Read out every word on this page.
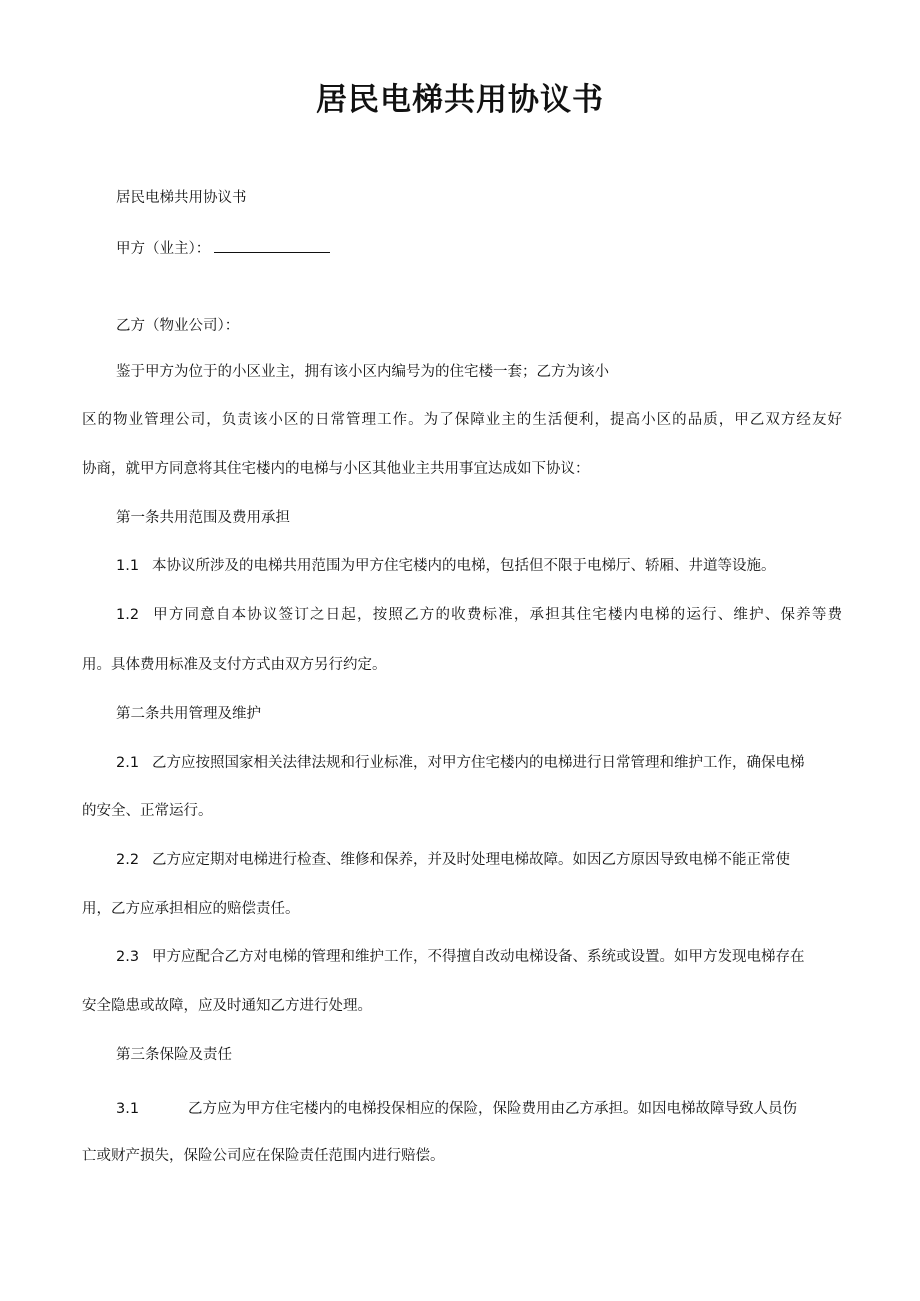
居民电梯共用协议书
居民电梯共用协议书
甲方（业主）：
乙方（物业公司）：
鉴于甲方为位于的小区业主，拥有该小区内编号为的住宅楼一套；乙方为该小
区的物业管理公司，负责该小区的日常管理工作。为了保障业主的生活便利，提高小区的品质，甲乙双方经友好
协商，就甲方同意将其住宅楼内的电梯与小区其他业主共用事宜达成如下协议：
第一条共用范围及费用承担
1.1 本协议所涉及的电梯共用范围为甲方住宅楼内的电梯，包括但不限于电梯厅、轿厢、井道等设施。
1.2 甲方同意自本协议签订之日起，按照乙方的收费标准，承担其住宅楼内电梯的运行、维护、保养等费
用。具体费用标准及支付方式由双方另行约定。
第二条共用管理及维护
2.1 乙方应按照国家相关法律法规和行业标准，对甲方住宅楼内的电梯进行日常管理和维护工作，确保电梯
的安全、正常运行。
2.2 乙方应定期对电梯进行检查、维修和保养，并及时处理电梯故障。如因乙方原因导致电梯不能正常使
用，乙方应承担相应的赔偿责任。
2.3 甲方应配合乙方对电梯的管理和维护工作，不得擅自改动电梯设备、系统或设置。如甲方发现电梯存在
安全隐患或故障，应及时通知乙方进行处理。
第三条保险及责任
3.1	乙方应为甲方住宅楼内的电梯投保相应的保险，保险费用由乙方承担。如因电梯故障导致人员伤
亡或财产损失，保险公司应在保险责任范围内进行赔偿。
